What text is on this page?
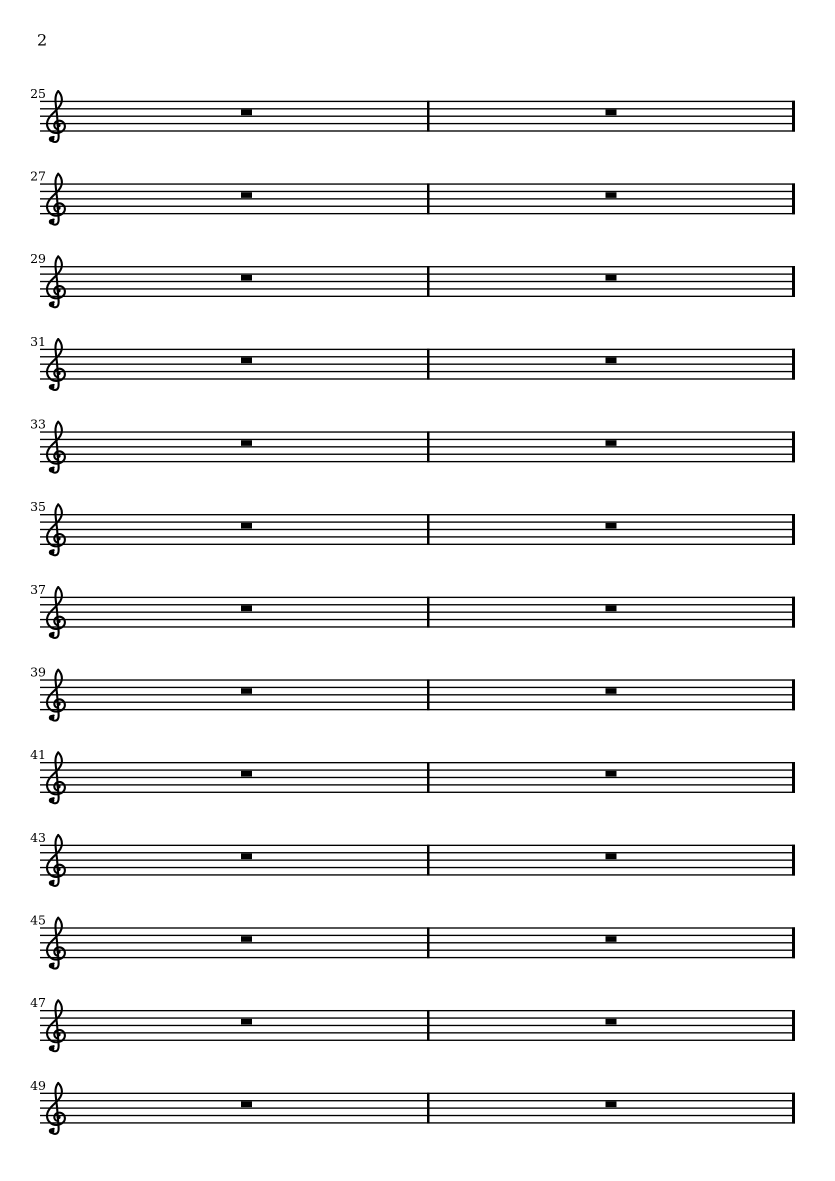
2
25
27
29
31
33
35
37
39
41
43
45
47
49
